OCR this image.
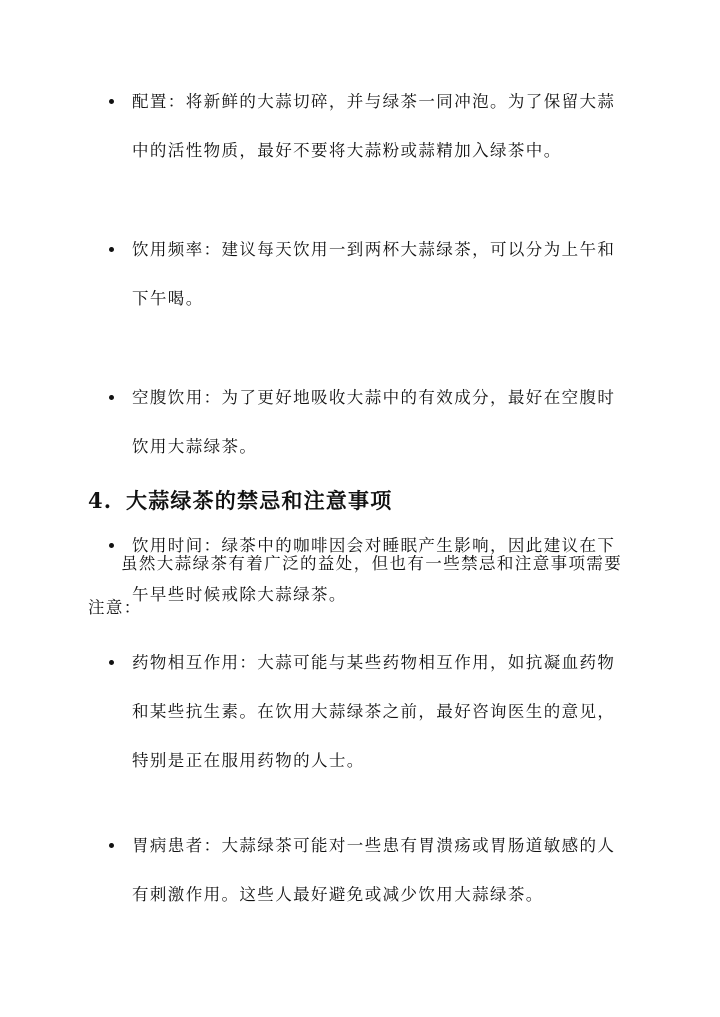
配置：将新鲜的大蒜切碎，并与绿茶一同冲泡。为了保留大蒜中的活性物质，最好不要将大蒜粉或蒜精加入绿茶中。
饮用频率：建议每天饮用一到两杯大蒜绿茶，可以分为上午和下午喝。
空腹饮用：为了更好地吸收大蒜中的有效成分，最好在空腹时饮用大蒜绿茶。
饮用时间：绿茶中的咖啡因会对睡眠产生影响，因此建议在下午早些时候戒除大蒜绿茶。
4. 大蒜绿茶的禁忌和注意事项

虽然大蒜绿茶有着广泛的益处，但也有一些禁忌和注意事项需要注意：

药物相互作用：大蒜可能与某些药物相互作用，如抗凝血药物和某些抗生素。在饮用大蒜绿茶之前，最好咨询医生的意见，特别是正在服用药物的人士。
胃病患者：大蒜绿茶可能对一些患有胃溃疡或胃肠道敏感的人有刺激作用。这些人最好避免或减少饮用大蒜绿茶。
